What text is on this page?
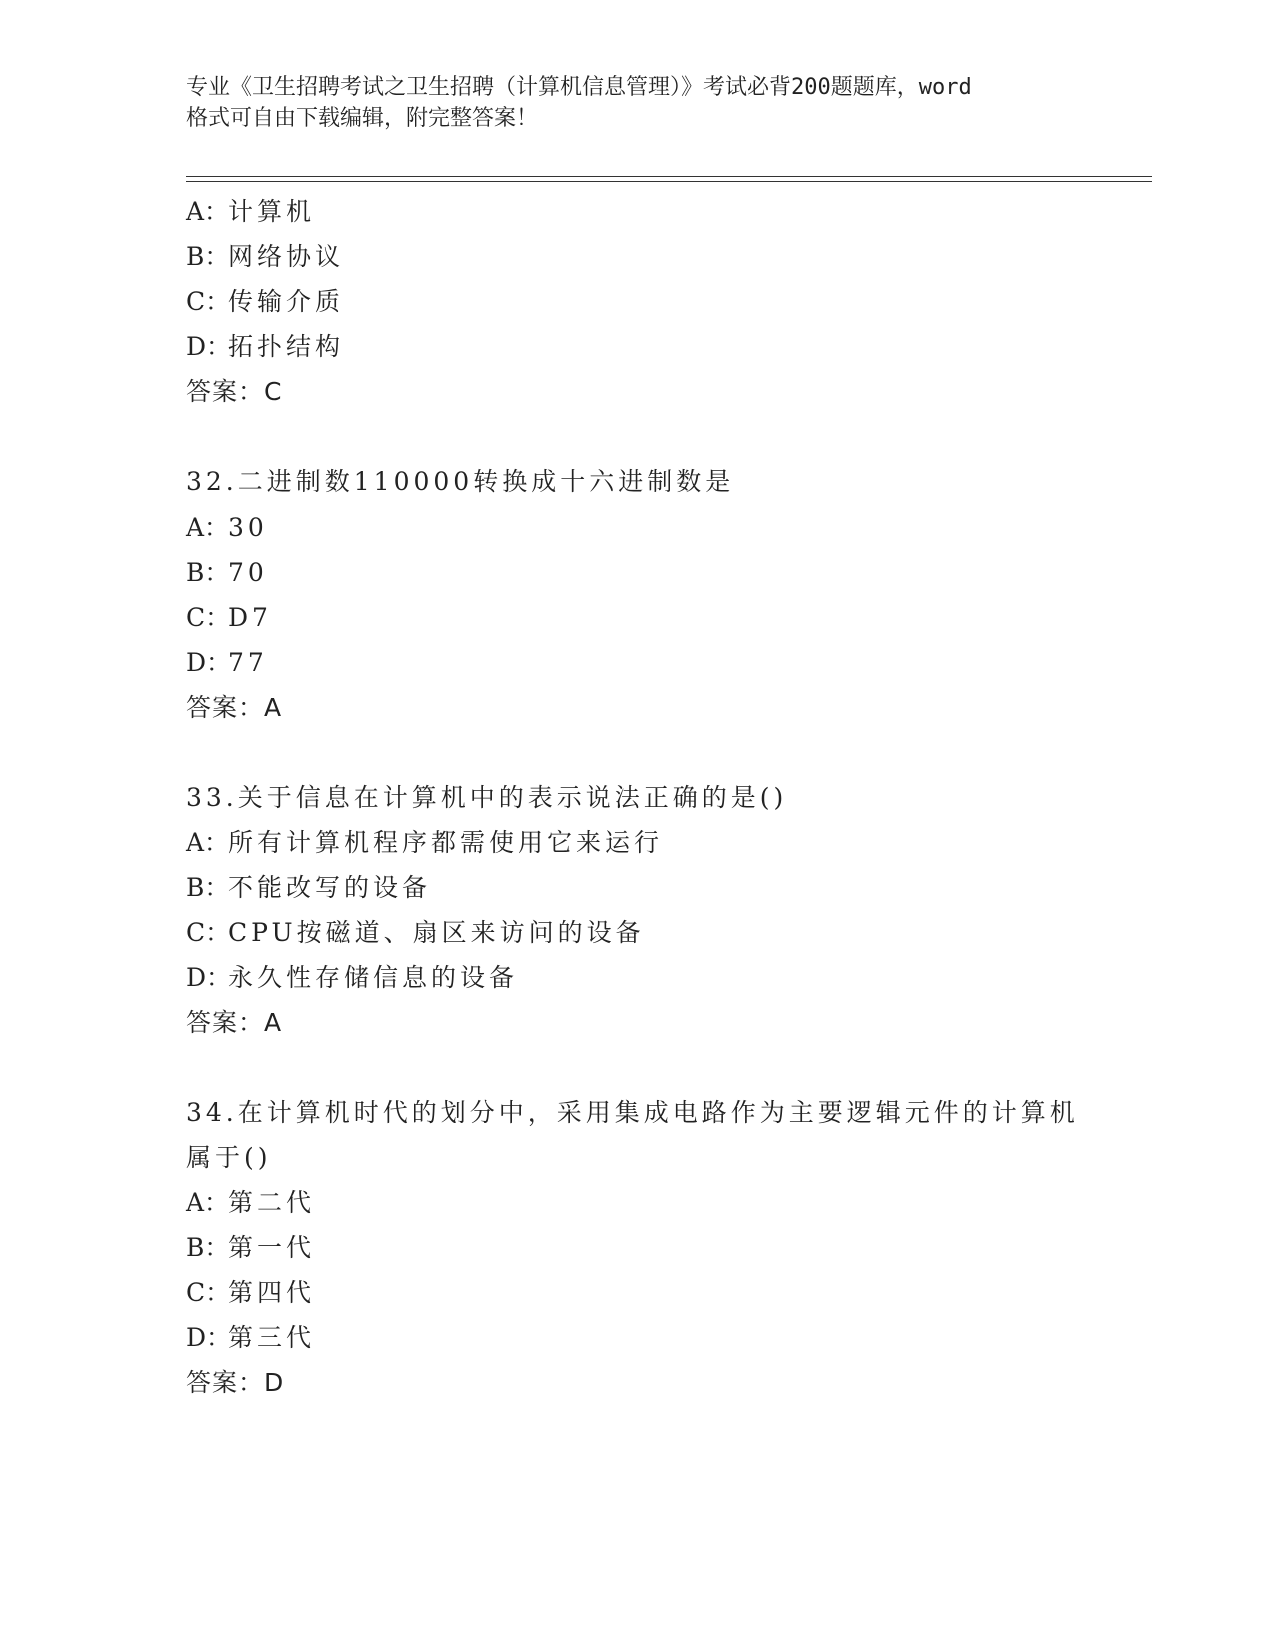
专业《卫生招聘考试之卫生招聘（计算机信息管理）》考试必背200题题库，word
格式可自由下载编辑，附完整答案！
A：计算机
B：网络协议
C：传输介质
D：拓扑结构
答案：C
32.二进制数110000转换成十六进制数是
A：30
B：70
C：D7
D：77
答案：A
33.关于信息在计算机中的表示说法正确的是()
A：所有计算机程序都需使用它来运行
B：不能改写的设备
C：CPU按磁道、扇区来访问的设备
D：永久性存储信息的设备
答案：A
34.在计算机时代的划分中，采用集成电路作为主要逻辑元件的计算机
属于()
A：第二代
B：第一代
C：第四代
D：第三代
答案：D
